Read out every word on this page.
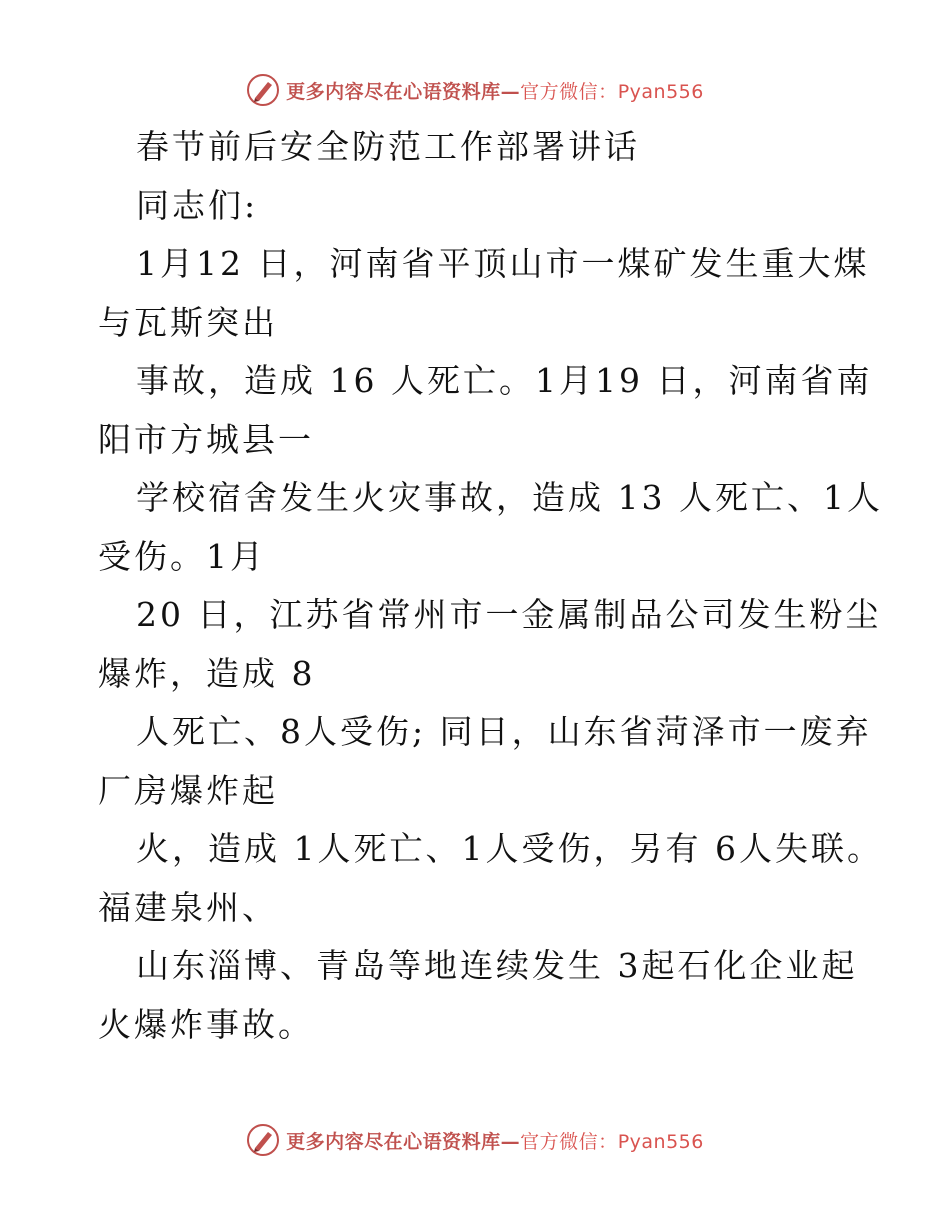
更多内容尽在心语资料库—官方微信：Pyan556
春节前后安全防范工作部署讲话
同志们:
1月12 日，河南省平顶山市一煤矿发生重大煤
与瓦斯突出
事故，造成 16 人死亡。1月19 日，河南省南
阳市方城县一
学校宿舍发生火灾事故，造成 13 人死亡、1人
受伤。1月
20 日，江苏省常州市一金属制品公司发生粉尘
爆炸，造成 8
人死亡、8人受伤; 同日，山东省菏泽市一废弃
厂房爆炸起
火，造成 1人死亡、1人受伤，另有 6人失联。
福建泉州、
山东淄博、青岛等地连续发生 3起石化企业起
火爆炸事故。
更多内容尽在心语资料库—官方微信：Pyan556
